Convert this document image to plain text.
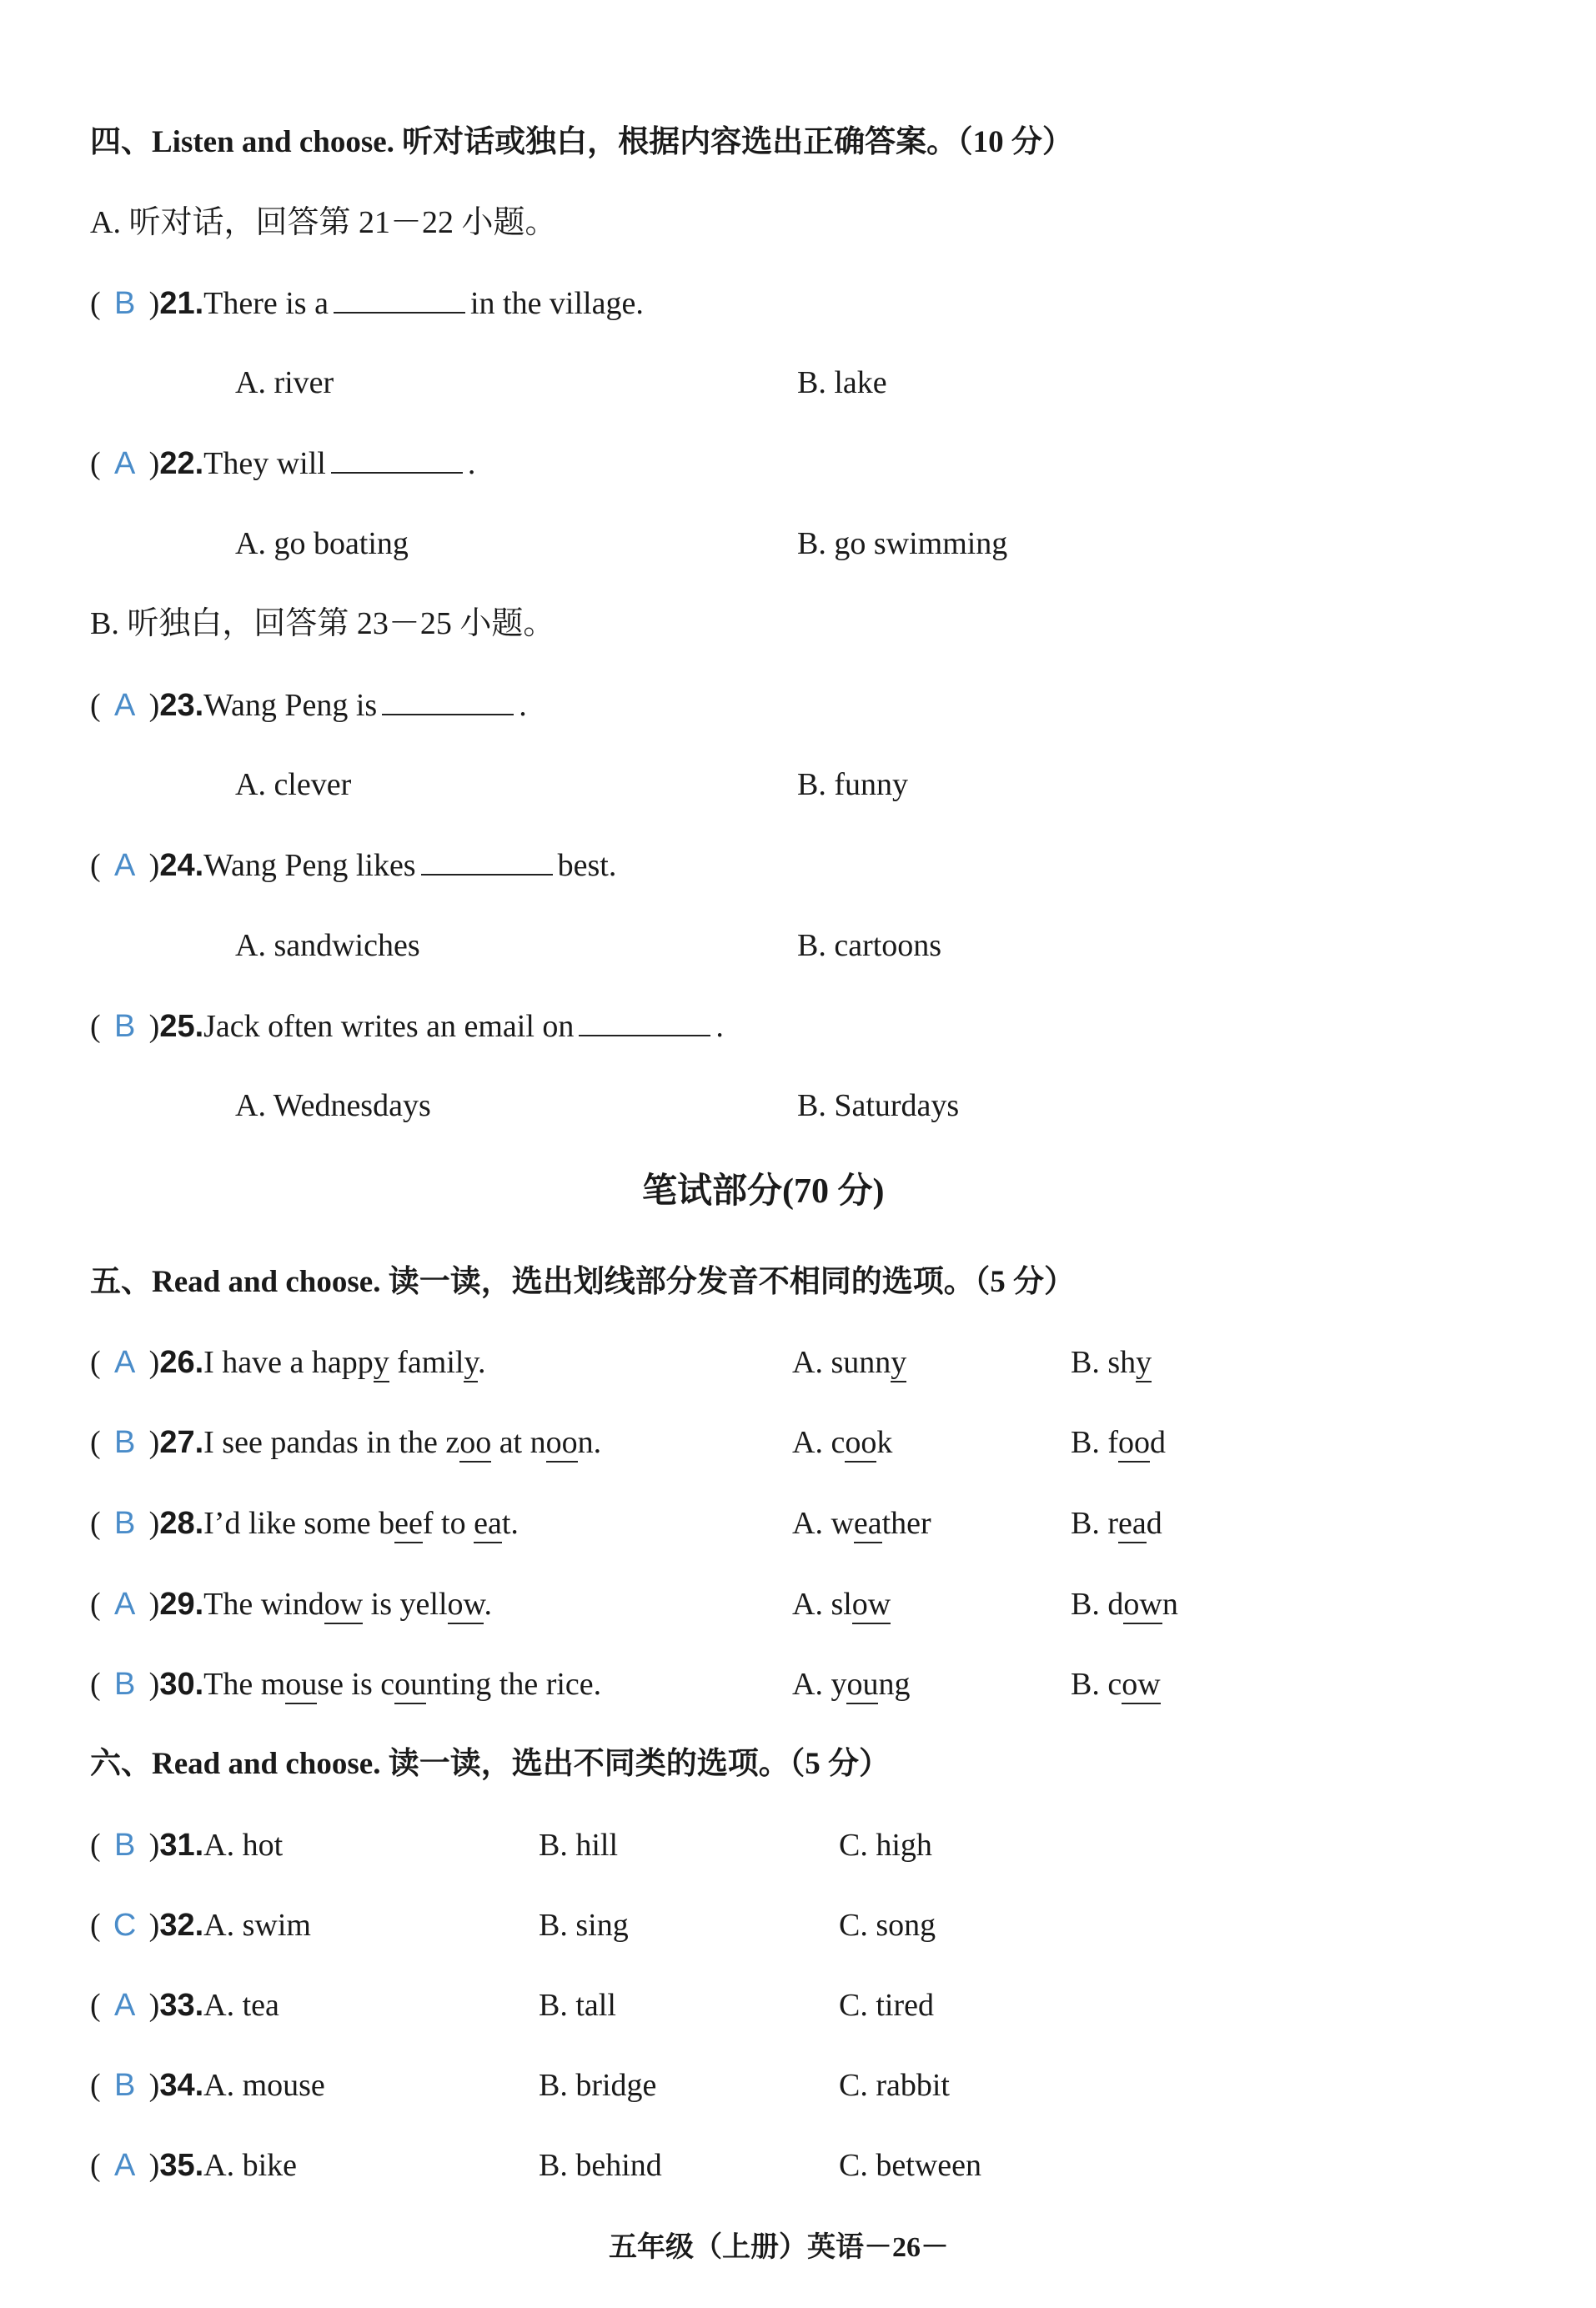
四、Listen and choose. 听对话或独白，根据内容选出正确答案。（10 分）
A. 听对话，回答第 21－22 小题。
( B )21.There is a	in the village.
A. river	B. lake
( A )22.They will	.
A. go boating	B. go swimming
B. 听独白，回答第 23－25 小题。
( A )23.Wang Peng is	.
A. clever	B. funny
( A )24.Wang Peng likes	best.
A. sandwiches	B. cartoons
( B )25.Jack often writes an email on	.
A. Wednesdays	B. Saturdays
笔试部分(70 分)
五、Read and choose. 读一读，选出划线部分发音不相同的选项。（5 分）
( A )26.I have a happy family.	A. sunny	B. shy
( B )27.I see pandas in the zoo at noon.	A. cook	B. food
( B )28.I’d like some beef to eat.	A. weather	B. read
( A )29.The window is yellow.	A. slow	B. down
( B )30.The mouse is counting the rice.	A. young	B. cow
六、Read and choose. 读一读，选出不同类的选项。（5 分）
( B )31.A. hot	B. hill	C. high
( C )32.A. swim	B. sing	C. song
( A )33.A. tea	B. tall	C. tired
( B )34.A. mouse	B. bridge	C. rabbit
( A )35.A. bike	B. behind	C. between
五年级（上册）英语－26－
